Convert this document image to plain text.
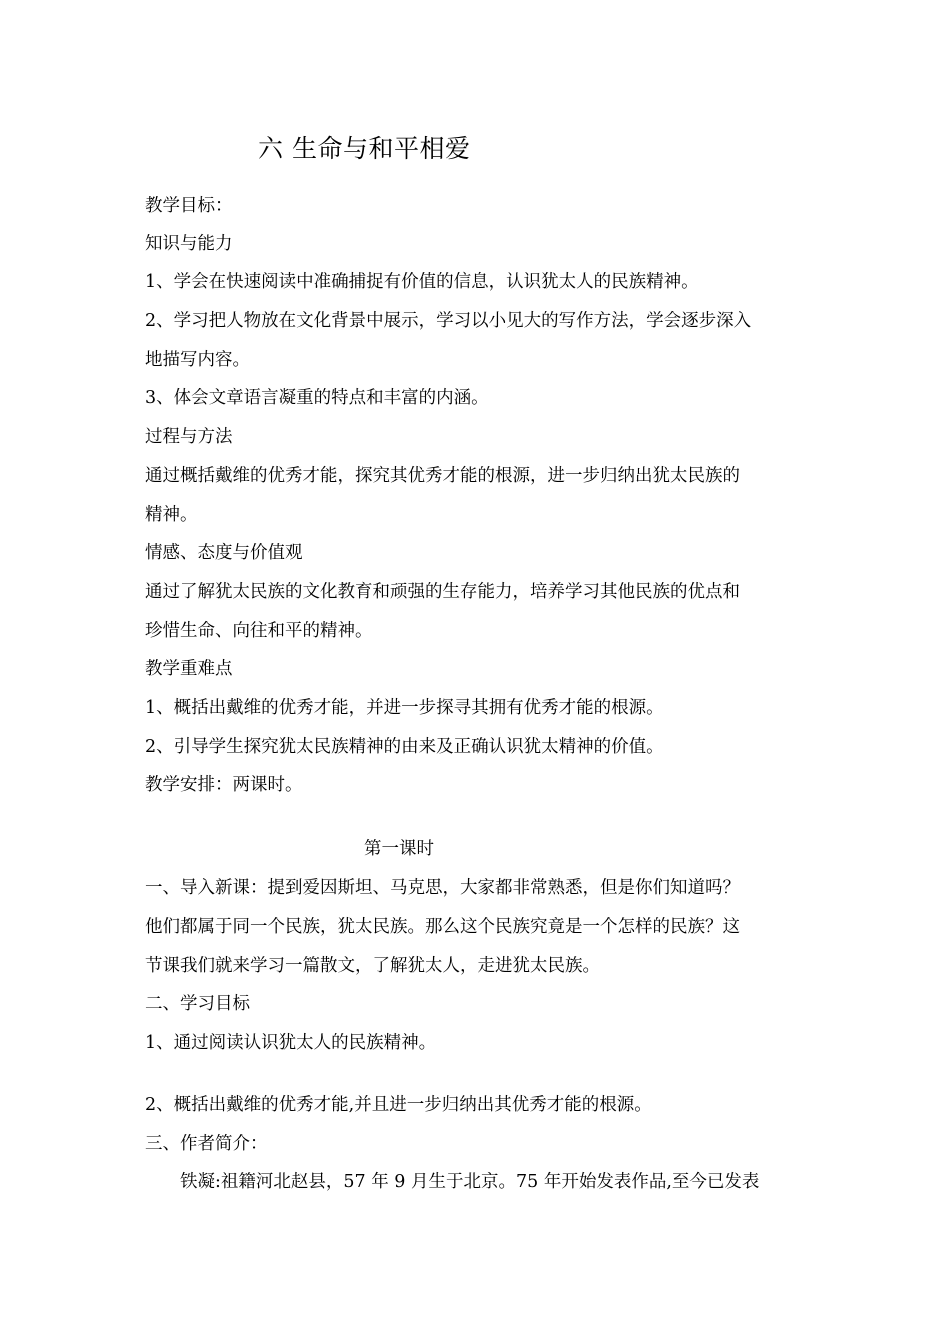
六 生命与和平相爱
教学目标：
知识与能力
1、学会在快速阅读中准确捕捉有价值的信息，认识犹太人的民族精神。
2、学习把人物放在文化背景中展示，学习以小见大的写作方法，学会逐步深入
地描写内容。
3、体会文章语言凝重的特点和丰富的内涵。
过程与方法
通过概括戴维的优秀才能，探究其优秀才能的根源，进一步归纳出犹太民族的
精神。
情感、态度与价值观
通过了解犹太民族的文化教育和顽强的生存能力，培养学习其他民族的优点和
珍惜生命、向往和平的精神。
教学重难点
1、概括出戴维的优秀才能，并进一步探寻其拥有优秀才能的根源。
2、引导学生探究犹太民族精神的由来及正确认识犹太精神的价值。
教学安排：两课时。
第一课时
一、导入新课：提到爱因斯坦、马克思，大家都非常熟悉，但是你们知道吗？
他们都属于同一个民族，犹太民族。那么这个民族究竟是一个怎样的民族？这
节课我们就来学习一篇散文，了解犹太人，走进犹太民族。
二、学习目标
1、通过阅读认识犹太人的民族精神。
2、概括出戴维的优秀才能,并且进一步归纳出其优秀才能的根源。
三、作者简介：
铁凝:祖籍河北赵县，57 年 9 月生于北京。75 年开始发表作品,至今已发表
